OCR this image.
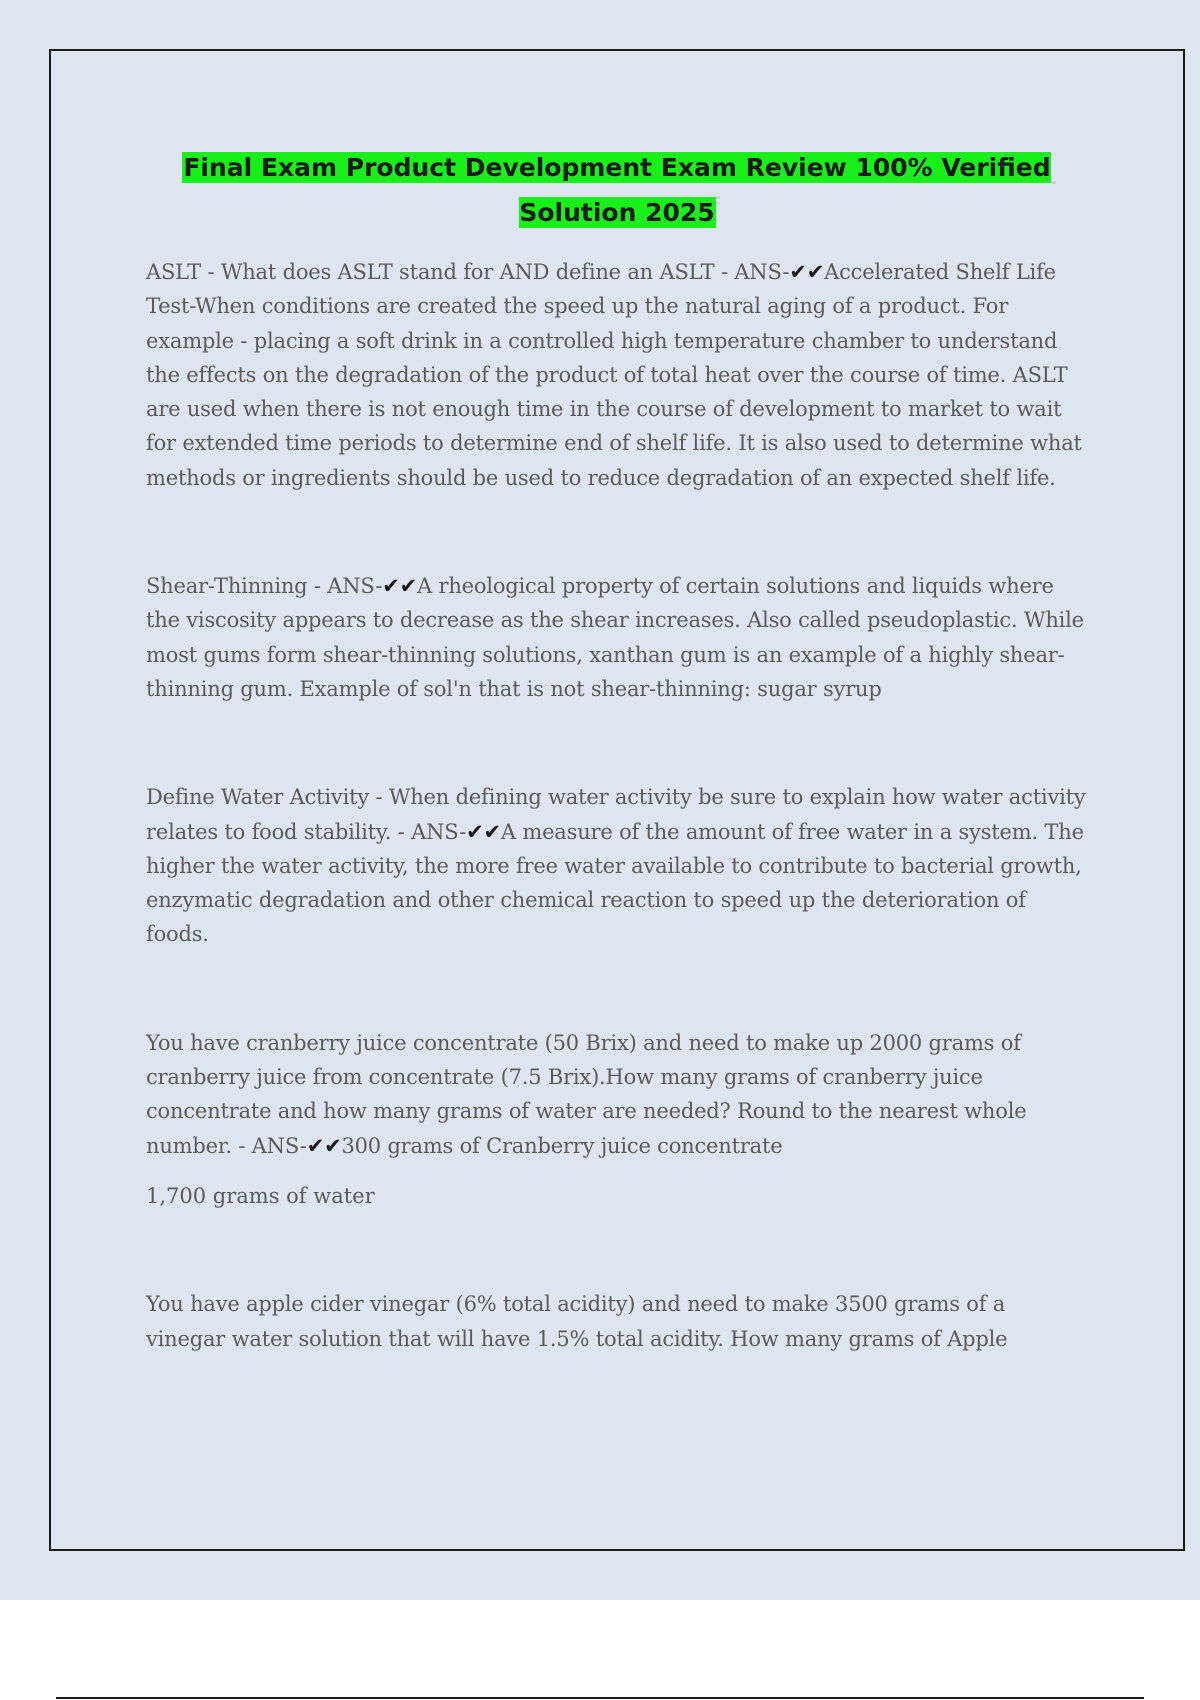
Final Exam Product Development Exam Review 100% Verified Solution 2025

ASLT - What does ASLT stand for AND define an ASLT - ANS-✔✔Accelerated Shelf Life Test-When conditions are created the speed up the natural aging of a product. For example - placing a soft drink in a controlled high temperature chamber to understand the effects on the degradation of the product of total heat over the course of time. ASLT are used when there is not enough time in the course of development to market to wait for extended time periods to determine end of shelf life. It is also used to determine what methods or ingredients should be used to reduce degradation of an expected shelf life.

Shear-Thinning - ANS-✔✔A rheological property of certain solutions and liquids where the viscosity appears to decrease as the shear increases. Also called pseudoplastic. While most gums form shear-thinning solutions, xanthan gum is an example of a highly shear-thinning gum. Example of sol'n that is not shear-thinning: sugar syrup

Define Water Activity - When defining water activity be sure to explain how water activity relates to food stability. - ANS-✔✔A measure of the amount of free water in a system. The higher the water activity, the more free water available to contribute to bacterial growth, enzymatic degradation and other chemical reaction to speed up the deterioration of foods.

You have cranberry juice concentrate (50 Brix) and need to make up 2000 grams of cranberry juice from concentrate (7.5 Brix).How many grams of cranberry juice concentrate and how many grams of water are needed? Round to the nearest whole number. - ANS-✔✔300 grams of Cranberry juice concentrate

1,700 grams of water

You have apple cider vinegar (6% total acidity) and need to make 3500 grams of a vinegar water solution that will have 1.5% total acidity. How many grams of Apple
